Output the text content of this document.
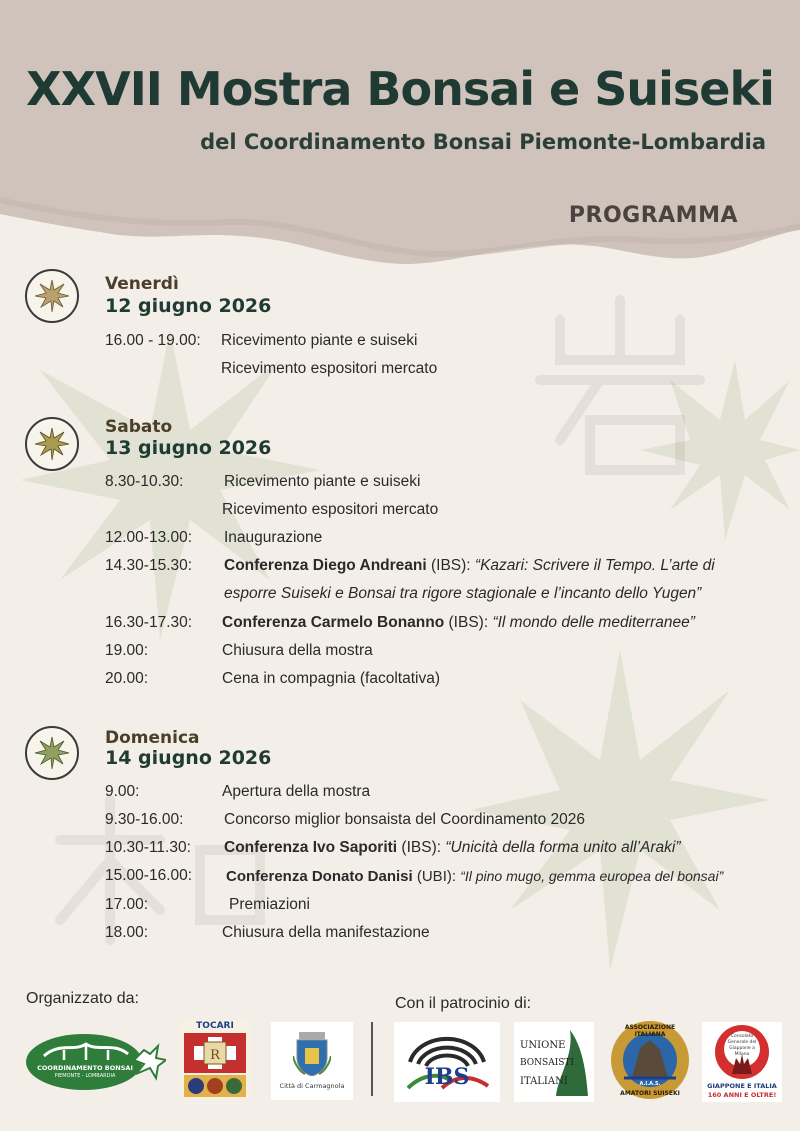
XXVII Mostra Bonsai e Suiseki
del Coordinamento Bonsai Piemonte-Lombardia
PROGRAMMA
Venerdì
12 giugno 2026
Sabato
13 giugno 2026
Domenica
14 giugno 2026
16.00 - 19.00: Ricevimento piante e suiseki
Ricevimento espositori mercato
8.30-10.30:	Ricevimento piante e suiseki
Ricevimento espositori mercato
12.00-13.00: Inaugurazione
14.30-15.30: Conferenza Diego Andreani (IBS): “Kazari: Scrivere il Tempo. L’arte di
esporre Suiseki e Bonsai tra rigore stagionale e l’incanto dello Yugen”
16.30-17.30: Conferenza Carmelo Bonanno (IBS): “Il mondo delle mediterranee”
19.00:	Chiusura della mostra
20.00:	Cena in compagnia (facoltativa)
9.00:	Apertura della mostra
9.30-16.00:	Concorso miglior bonsaista del Coordinamento 2026
10.30-11.30: Conferenza Ivo Saporiti (IBS): “Unicità della forma unito all’Araki”
15.00-16.00: Conferenza Donato Danisi (UBI): “Il pino mugo, gemma europea del bonsai”
17.00:	Premiazioni
18.00:	Chiusura della manifestazione
Organizzato da:	Con il patrocinio di:
COORDINAMENTO BONSAI
PIEMONTE - LOMBARDIA
TOCARI
R
Città di Carmagnola	IBS
UNIONE
BONSAISTI
ITALIANI
ASSOCIAZIONE ITALIANA
A.I.A.S.
AMATORI SUISEKI
Consolato Generale del Giappone a Milano
GIAPPONE E ITALIA
160 ANNI E OLTRE!
